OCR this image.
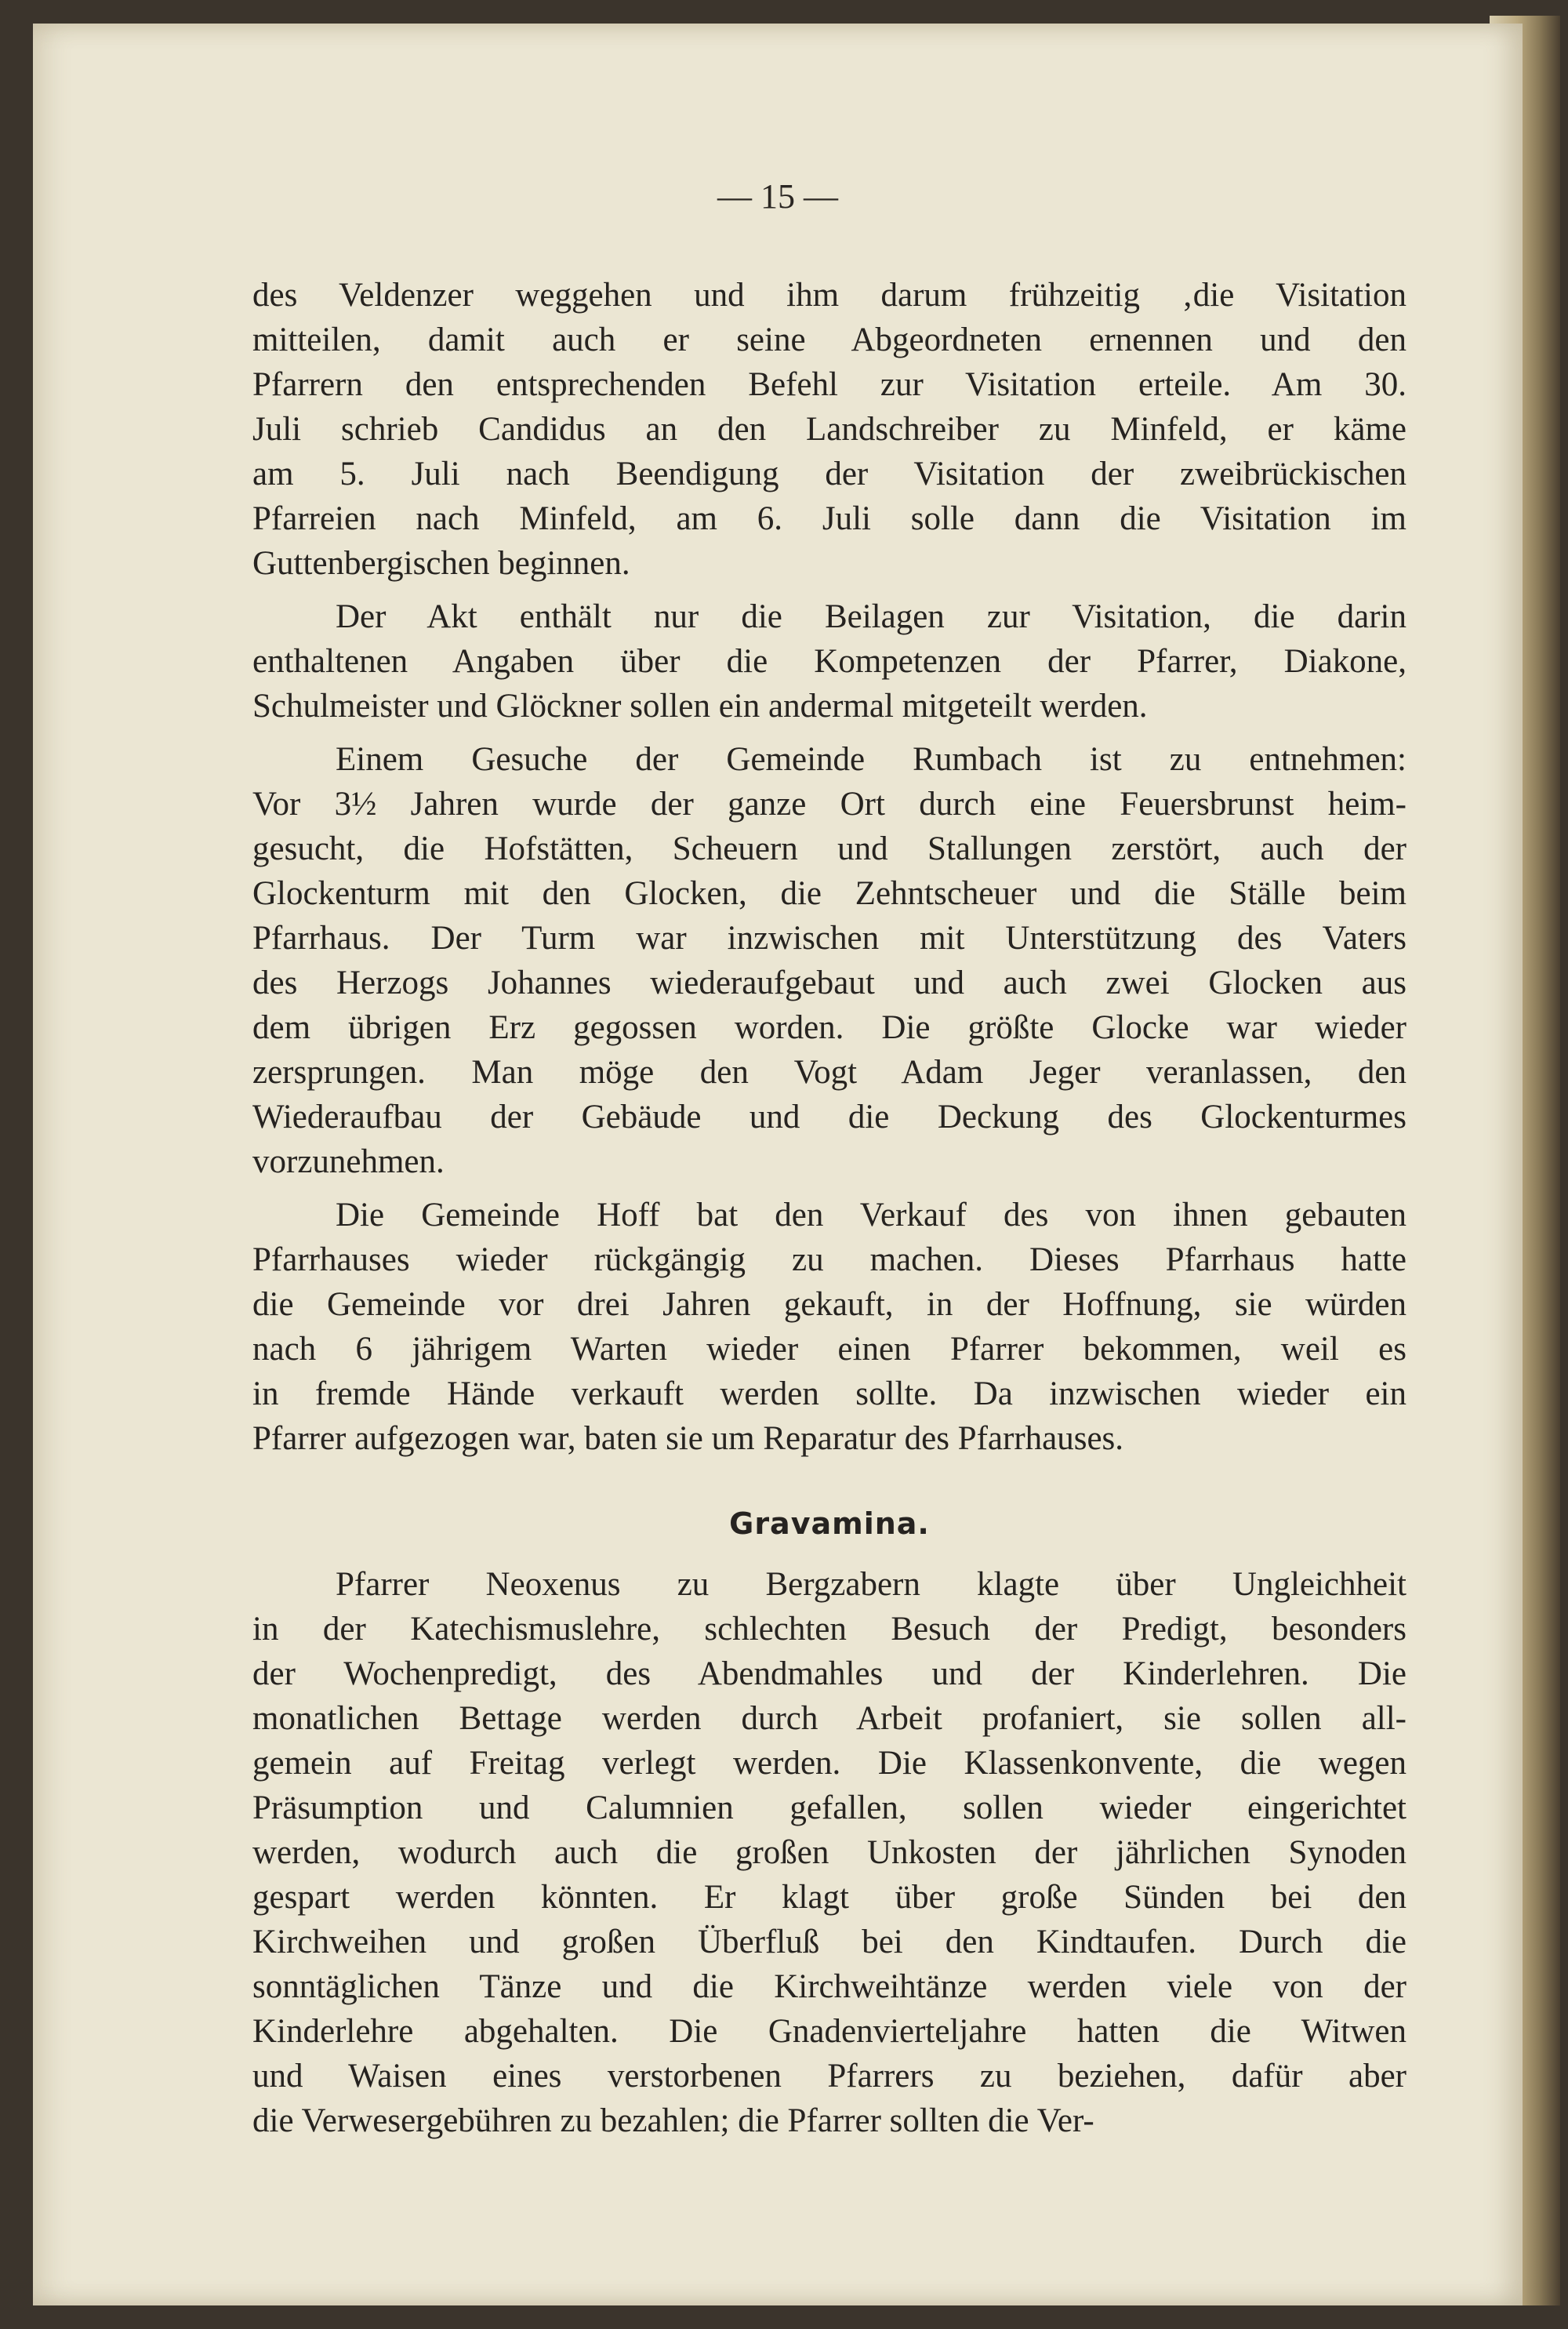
— 15 —
des Veldenzer weggehen und ihm darum frühzeitig ‚die Visitation
mitteilen, damit auch er seine Abgeordneten ernennen und den
Pfarrern den entsprechenden Befehl zur Visitation erteile. Am 30.
Juli schrieb Candidus an den Landschreiber zu Minfeld, er käme
am 5. Juli nach Beendigung der Visitation der zweibrückischen
Pfarreien nach Minfeld, am 6. Juli solle dann die Visitation im
Guttenbergischen beginnen.
Der Akt enthält nur die Beilagen zur Visitation, die darin
enthaltenen Angaben über die Kompetenzen der Pfarrer, Diakone,
Schulmeister und Glöckner sollen ein andermal mitgeteilt werden.
Einem Gesuche der Gemeinde Rumbach ist zu entnehmen:
Vor 3½ Jahren wurde der ganze Ort durch eine Feuersbrunst heim-
gesucht, die Hofstätten, Scheuern und Stallungen zerstört, auch der
Glockenturm mit den Glocken, die Zehntscheuer und die Ställe beim
Pfarrhaus. Der Turm war inzwischen mit Unterstützung des Vaters
des Herzogs Johannes wiederaufgebaut und auch zwei Glocken aus
dem übrigen Erz gegossen worden. Die größte Glocke war wieder
zersprungen. Man möge den Vogt Adam Jeger veranlassen, den
Wiederaufbau der Gebäude und die Deckung des Glockenturmes
vorzunehmen.
Die Gemeinde Hoff bat den Verkauf des von ihnen gebauten
Pfarrhauses wieder rückgängig zu machen. Dieses Pfarrhaus hatte
die Gemeinde vor drei Jahren gekauft, in der Hoffnung, sie würden
nach 6 jährigem Warten wieder einen Pfarrer bekommen, weil es
in fremde Hände verkauft werden sollte. Da inzwischen wieder ein
Pfarrer aufgezogen war, baten sie um Reparatur des Pfarrhauses.
Gravamina.
Pfarrer Neoxenus zu Bergzabern klagte über Ungleichheit
in der Katechismuslehre, schlechten Besuch der Predigt, besonders
der Wochenpredigt, des Abendmahles und der Kinderlehren. Die
monatlichen Bettage werden durch Arbeit profaniert, sie sollen all-
gemein auf Freitag verlegt werden. Die Klassenkonvente, die wegen
Präsumption und Calumnien gefallen, sollen wieder eingerichtet
werden, wodurch auch die großen Unkosten der jährlichen Synoden
gespart werden könnten. Er klagt über große Sünden bei den
Kirchweihen und großen Überfluß bei den Kindtaufen. Durch die
sonntäglichen Tänze und die Kirchweihtänze werden viele von der
Kinderlehre abgehalten. Die Gnadenvierteljahre hatten die Witwen
und Waisen eines verstorbenen Pfarrers zu beziehen, dafür aber
die Verwesergebühren zu bezahlen; die Pfarrer sollten die Ver-
